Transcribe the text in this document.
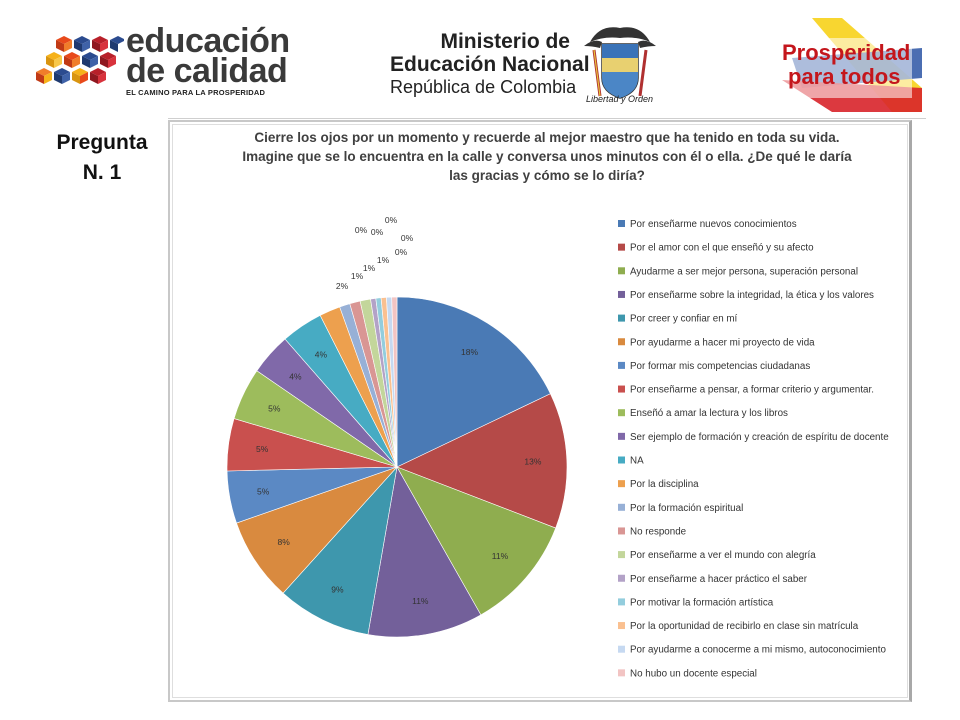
educación
de calidad
EL CAMINO PARA LA PROSPERIDAD
Ministerio de
Educación Nacional
República de Colombia
Libertad y Orden
Prosperidad
para todos
Pregunta
N. 1
Cierre los ojos por un momento y recuerde al mejor maestro que ha tenido en toda su vida. Imagine que se lo encuentra en la calle y conversa unos minutos con él o ella. ¿De qué le daría las gracias y cómo se lo diría?
18%
13%
11%
11%
9%
8%
5%
5%
5%
4%
4%
2%
1%
1%
1%
0% 0%
0%
0%
0%	Por enseñarme nuevos conocimientos
Por el amor con el que enseñó y su afecto
Ayudarme a ser mejor persona, superación personal
Por enseñarme sobre la integridad, la ética y los valores
Por creer y confiar en mí
Por ayudarme a hacer mi proyecto de vida
Por formar mis competencias ciudadanas
Por enseñarme a pensar, a formar criterio y argumentar.
Enseñó a amar la lectura y los libros
Ser ejemplo de formación y creación de espíritu de docente
NA
Por la disciplina
Por la formación espiritual
No responde
Por enseñarme a ver el mundo con alegría
Por enseñarme a hacer práctico el saber
Por motivar la formación artística
Por la oportunidad de recibirlo en clase sin matrícula
Por ayudarme a conocerme a mi mismo, autoconocimiento
No hubo un docente especial
